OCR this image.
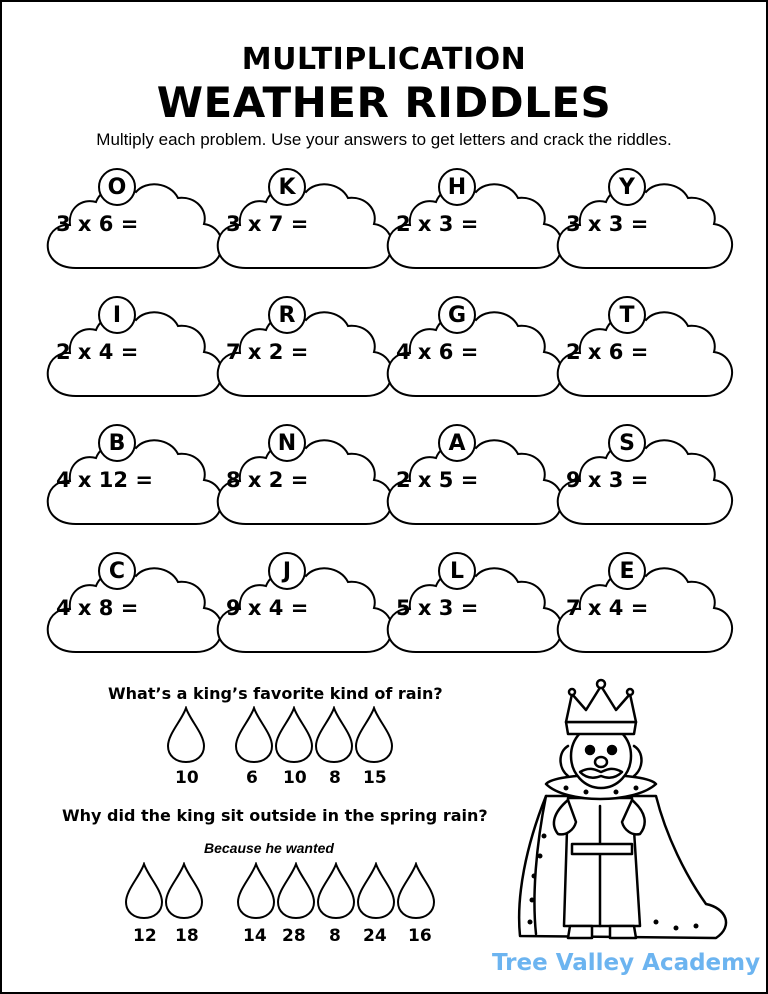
MULTIPLICATION
WEATHER RIDDLES
Multiply each problem. Use your answers to get letters and crack the riddles.
O
3 x 6 =
K
3 x 7 =
H
2 x 3 =
Y
3 x 3 =
I
2 x 4 =
R
7 x 2 =
G
4 x 6 =
T
2 x 6 =
B
4 x 12 =
N
8 x 2 =
A
2 x 5 =
S
9 x 3 =
C
4 x 8 =
J
9 x 4 =
L
5 x 3 =
E
7 x 4 =
What’s a king’s favorite kind of rain?
10	6 10 8 15
Why did the king sit outside in the spring rain?
Because he wanted
12 18	14 28 8 24 16
Tree Valley Academy
